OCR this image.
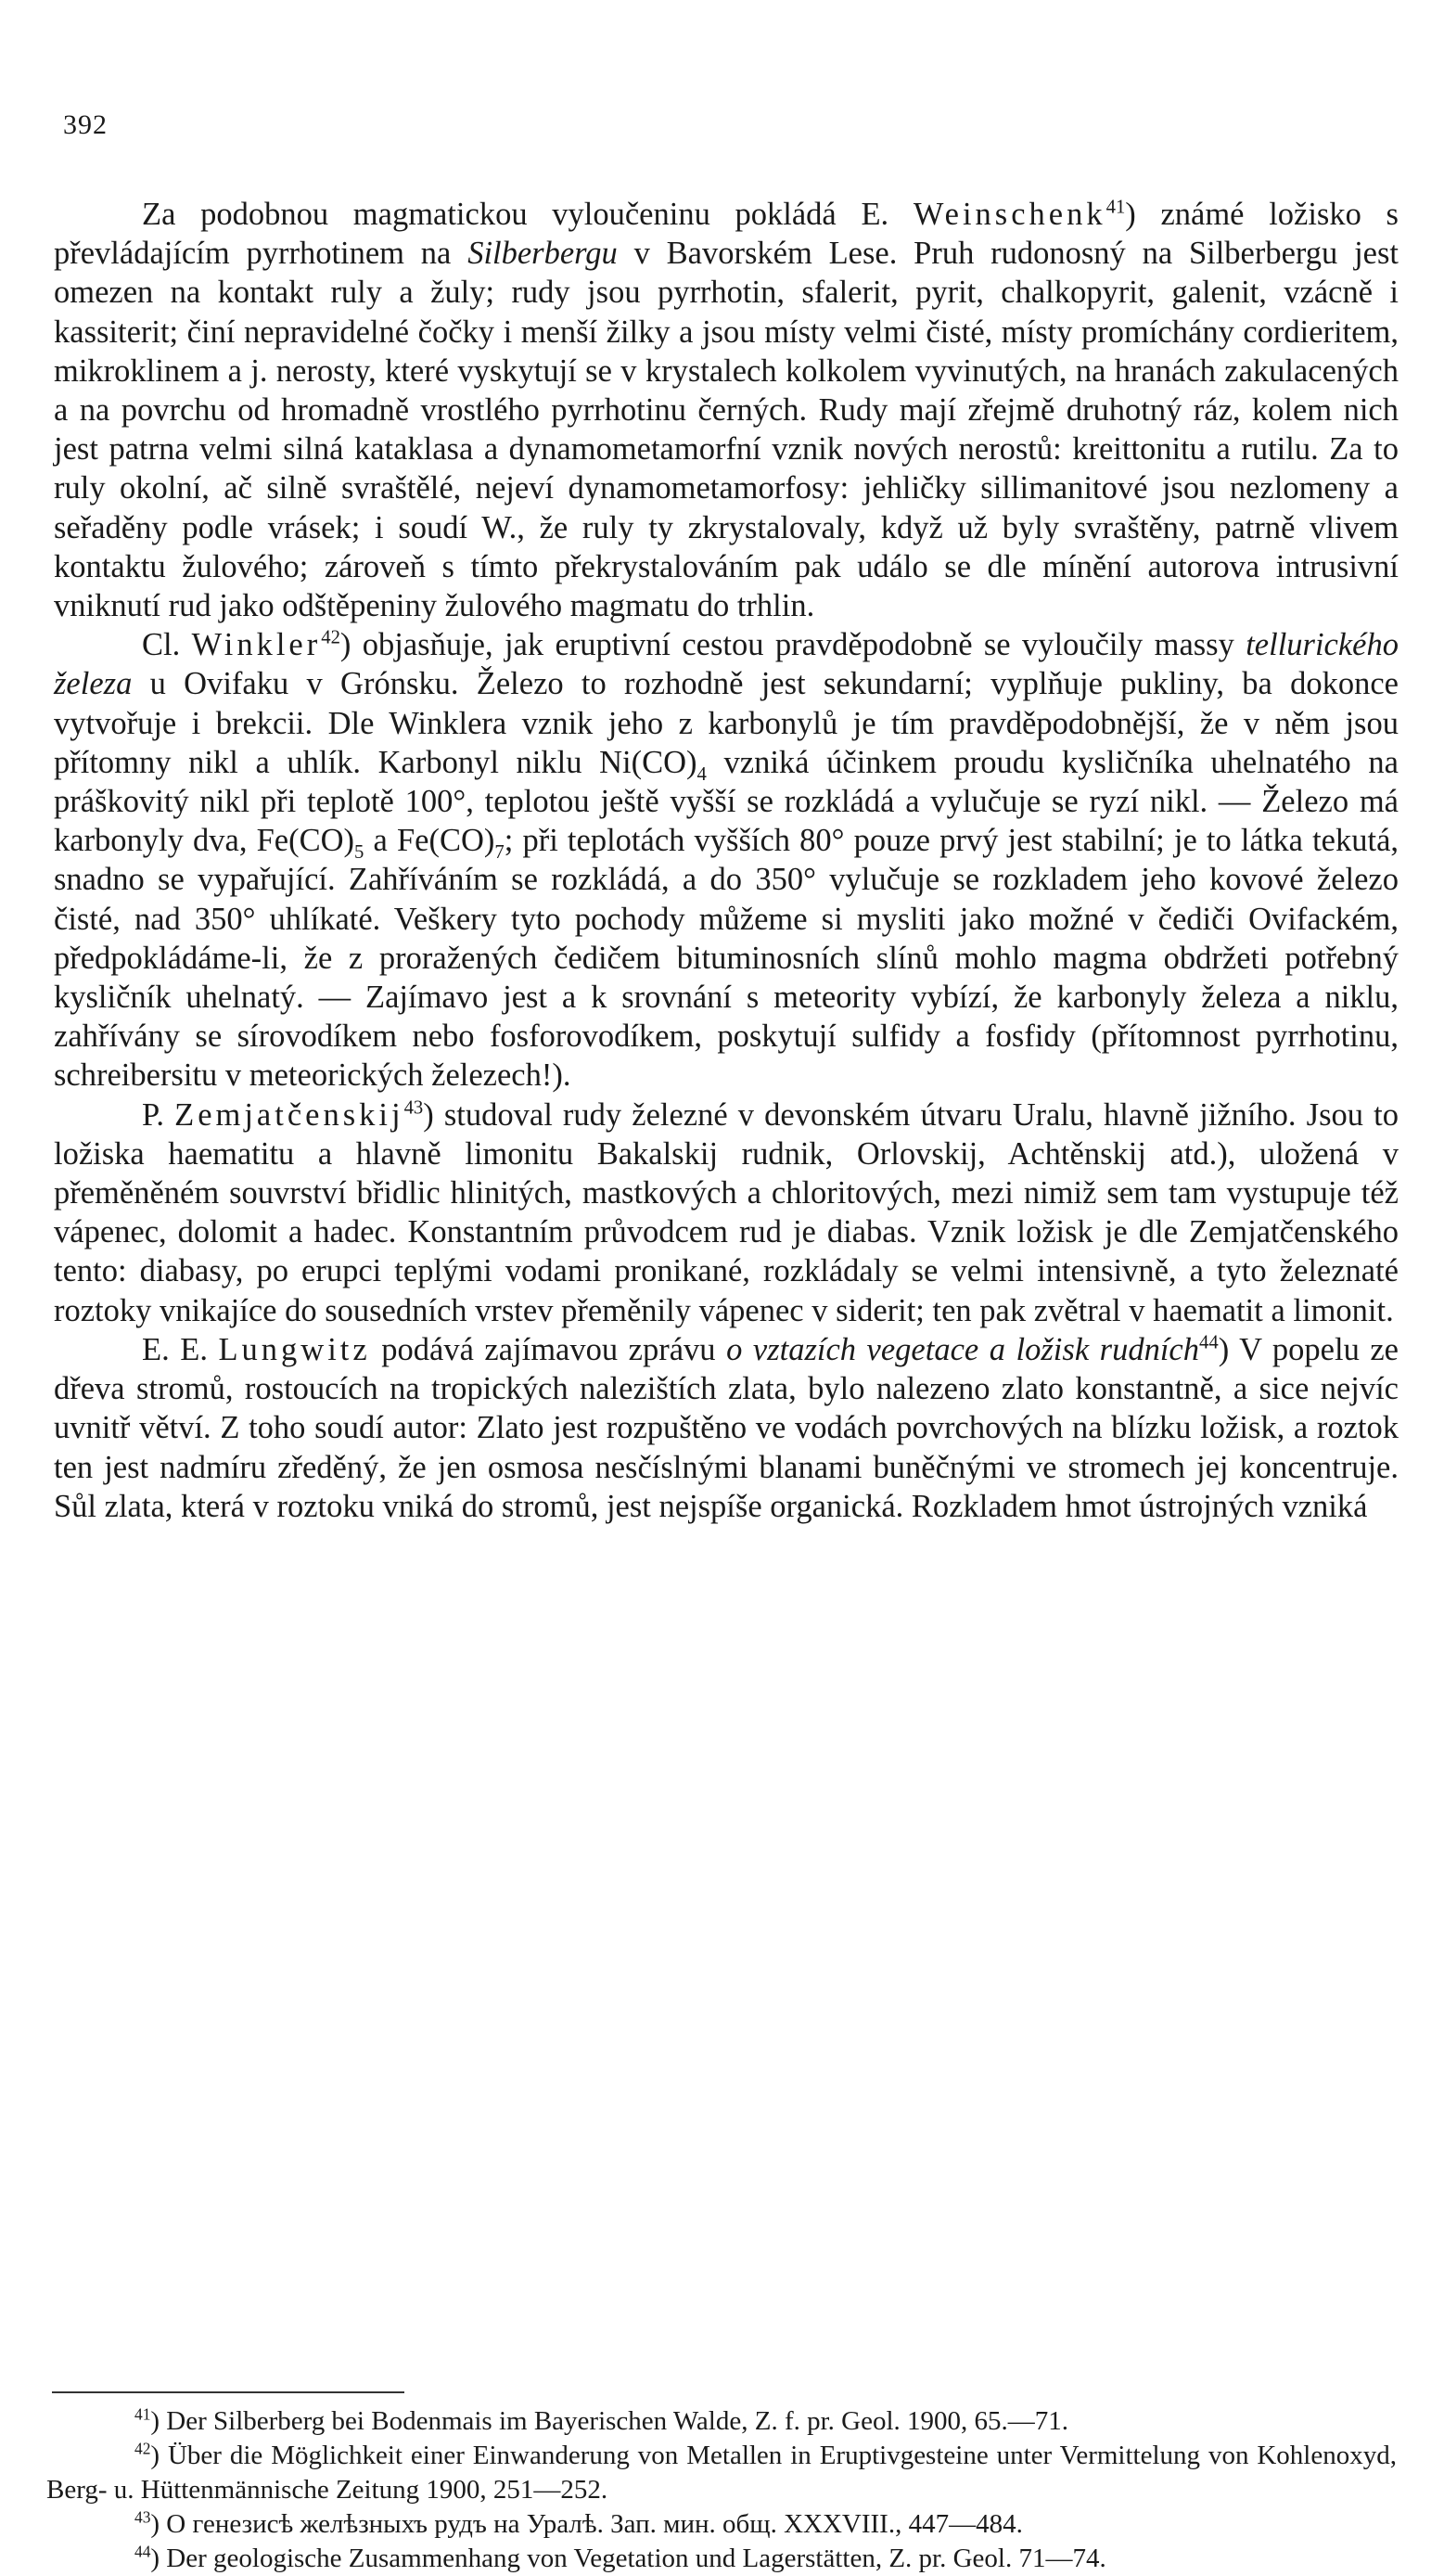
392

Za podobnou magmatickou vyloučeninu pokládá E. Weinschenk$^{41}$) známé ložisko s převládajícím pyrrhotinem na Silberbergu v Bavorském Lese. Pruh rudonosný na Silberbergu jest omezen na kontakt ruly a žuly; rudy jsou pyrrhotin, sfalerit, pyrit, chalkopyrit, galenit, vzácně i kassiterit; činí nepravidelné čočky i menší žilky a jsou místy velmi čisté, místy promíchány cordieritem, mikroklinem a j. nerosty, které vyskytují se v krystalech kolkolem vyvinutých, na hranách zakulacených a na povrchu od hromadně vrostlého pyrrhotinu černých. Rudy mají zřejmě druhotný ráz, kolem nich jest patrna velmi silná kataklasa a dynamometamorfní vznik nových nerostů: kreittonitu a rutilu. Za to ruly okolní, ač silně svraštělé, nejeví dynamometamorfosy: jehličky sillimanitové jsou nezlomeny a seřaděny podle vrásek; i soudí W., že ruly ty zkrystalovaly, když už byly svraštěny, patrně vlivem kontaktu žulového; zároveň s tímto překrystalováním pak událo se dle mínění autorova intrusivní vniknutí rud jako odštěpeniny žulového magmatu do trhlin.

Cl. Winkler$^{42}$) objasňuje, jak eruptivní cestou pravděpodobně se vyloučily massy tellurického železa u Ovifaku v Grónsku. Železo to rozhodně jest sekundarní; vyplňuje pukliny, ba dokonce vytvořuje i brekcii. Dle Winklera vznik jeho z karbonylů je tím pravděpodobnější, že v něm jsou přítomny nikl a uhlík. Karbonyl niklu $Ni(CO)_4$ vzniká účinkem proudu kysličníka uhelnatého na práškovitý nikl při teplotě 100°, teplotou ještě vyšší se rozkládá a vylučuje se ryzí nikl. — Železo má karbonyly dva, $Fe(CO)_5$ a $Fe(CO)_7$; při teplotách vyšších 80° pouze prvý jest stabilní; je to látka tekutá, snadno se vypařující. Zahříváním se rozkládá, a do 350° vylučuje se rozkladem jeho kovové železo čisté, nad 350° uhlíkaté. Veškery tyto pochody můžeme si mysliti jako možné v čediči Ovifackém, předpokládáme-li, že z proražených čedičem bituminosních slínů mohlo magma obdržeti potřebný kysličník uhelnatý. — Zajímavo jest a k srovnání s meteority vybízí, že karbonyly železa a niklu, zahřívány se sírovodíkem nebo fosforovodíkem, poskytují sulfidy a fosfidy (přítomnost pyrrhotinu, schreibersitu v meteorických železech!).

P. Zemjatčenskij$^{43}$) studoval rudy železné v devonském útvaru Uralu, hlavně jižního. Jsou to ložiska haematitu a hlavně limonitu Bakalskij rudnik, Orlovskij, Achtěnskij atd.), uložená v přeměněném souvrství břidlic hlinitých, mastkových a chloritových, mezi nimiž sem tam vystupuje též vápenec, dolomit a hadec. Konstantním průvodcem rud je diabas. Vznik ložisk je dle Zemjatčenského tento: diabasy, po erupci teplými vodami pronikané, rozkládaly se velmi intensivně, a tyto železnaté roztoky vnikajíce do sousedních vrstev přeměnily vápenec v siderit; ten pak zvětral v haematit a limonit.

E. E. Lungwitz podává zajímavou zprávu o vztazích vegetace a ložisk rudních$^{44}$) V popelu ze dřeva stromů, rostoucích na tropických nalezištích zlata, bylo nalezeno zlato konstantně, a sice nejvíc uvnitř větví. Z toho soudí autor: Zlato jest rozpuštěno ve vodách povrchových na blízku ložisk, a roztok ten jest nadmíru zředěný, že jen osmosa nesčíslnými blanami buněčnými ve stromech jej koncentruje. Sůl zlata, která v roztoku vniká do stromů, jest nejspíše organická. Rozkladem hmot ústrojných vzniká

$^{41}$) Der Silberberg bei Bodenmais im Bayerischen Walde, Z. f. pr. Geol. 1900, 65.—71.

$^{42}$) Über die Möglichkeit einer Einwanderung von Metallen in Eruptivgesteine unter Vermittelung von Kohlenoxyd, Berg- u. Hüttenmännische Zeitung 1900, 251—252.

$^{43}$) О генезисѣ желѣзныхъ рудъ на Уралѣ. Зап. мин. общ. XXXVIII., 447—484.

$^{44}$) Der geologische Zusammenhang von Vegetation und Lagerstätten, Z. pr. Geol. 71—74.
